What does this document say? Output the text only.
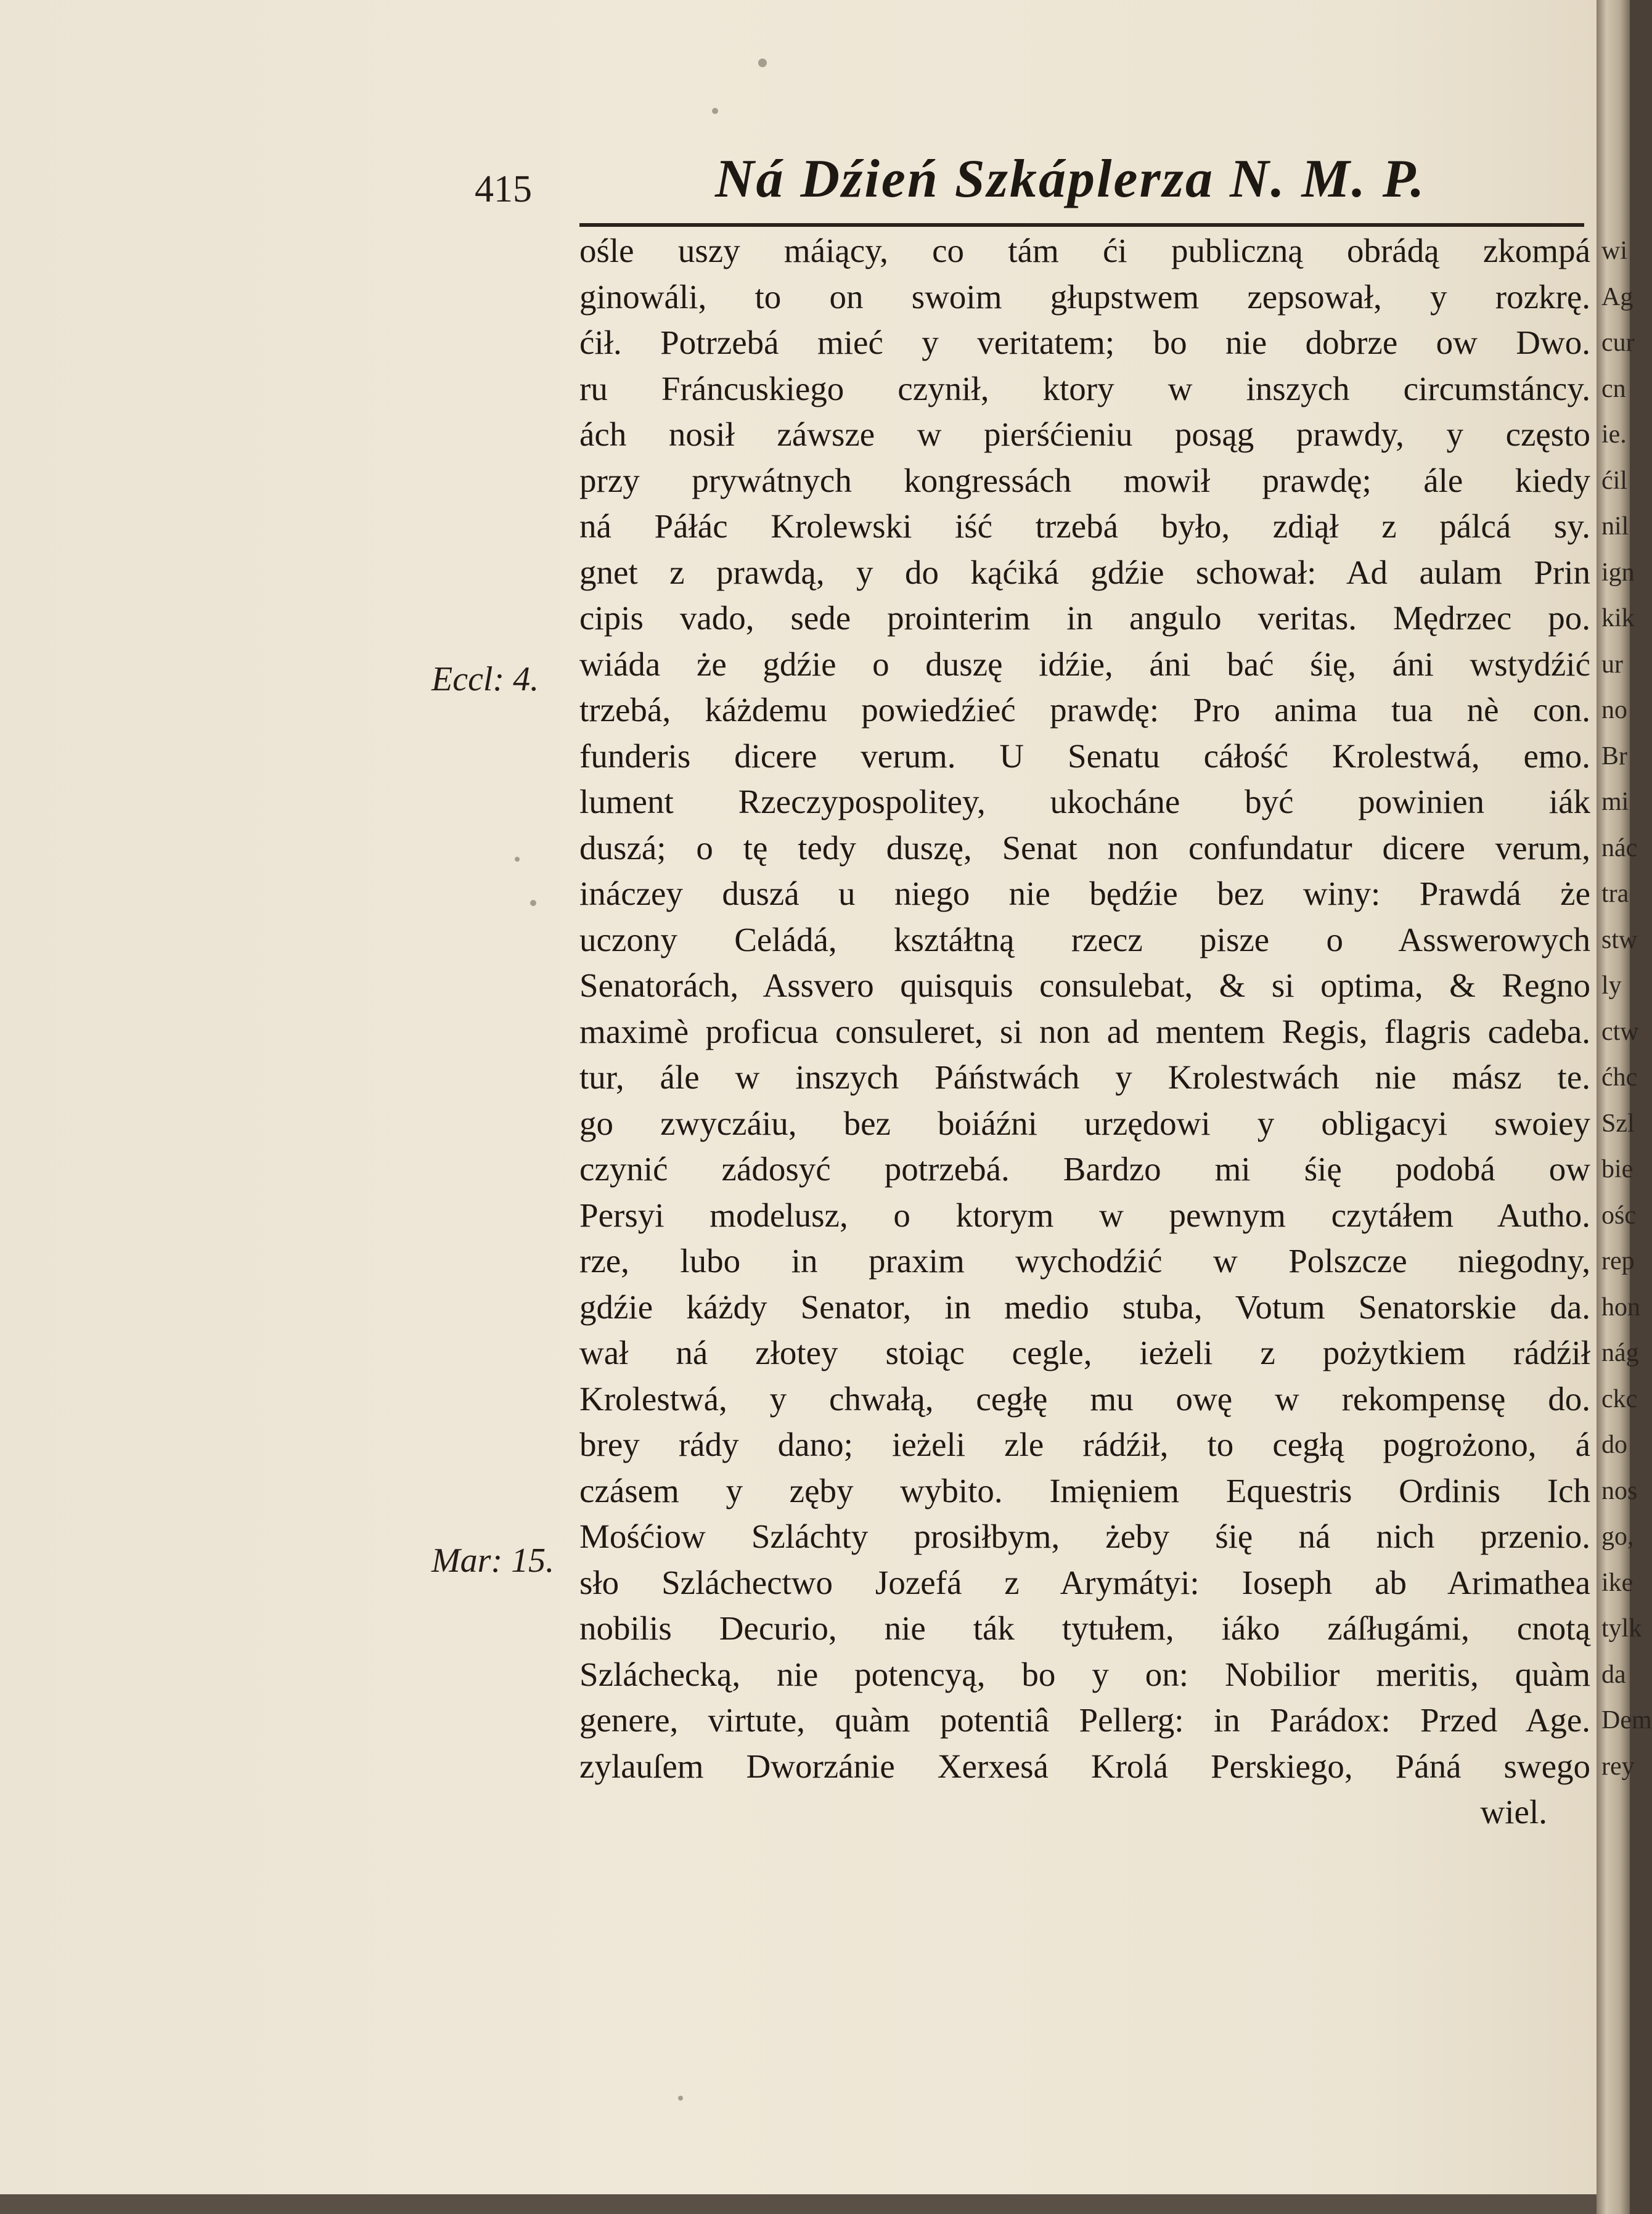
wi
Ag
cur
cn
ie.
ćil
nil
ign
kik
ur
no
Br
mi
nác
tra
stw
ly
ctw
ćhc
Szl
bie
ośc
rep
hon
nág
ckc
do
nos
go,
ike
tylk
da
Dem
rey
415	Ná Dźień Szkáplerza N. M. P.
Eccl: 4.
Mar: 15.
ośle uszy máiący, co tám ći publiczną obrádą zkompá
ginowáli, to on swoim głupstwem zepsował, y rozkrę.
ćił. Potrzebá mieć y veritatem; bo nie dobrze ow Dwo.
ru Fráncuskiego czynił, ktory w inszych circumstáncy.
ách nosił záwsze w pierśćieniu posąg prawdy, y często
przy prywátnych kongressách mowił prawdę; ále kiedy
ná Páłác Krolewski iść trzebá było, zdiął z pálcá sy.
gnet z prawdą, y do kąćiká gdźie schował: Ad aulam Prin
cipis vado, sede prointerim in angulo veritas. Mędrzec po.
wiáda że gdźie o duszę idźie, áni bać śię, áni wstydźić
trzebá, káżdemu powiedźieć prawdę: Pro anima tua nè con.
funderis dicere verum. U Senatu cáłość Krolestwá, emo.
lument Rzeczypospolitey, ukocháne być powinien iák
duszá; o tę tedy duszę, Senat non confundatur dicere verum,
ináczey duszá u niego nie będźie bez winy: Prawdá że
uczony Celádá, ksztáłtną rzecz pisze o Asswerowych
Senatorách, Assvero quisquis consulebat, & si optima, & Regno
maximè proficua consuleret, si non ad mentem Regis, flagris cadeba.
tur, ále w inszych Páństwách y Krolestwách nie mász te.
go zwyczáiu, bez boiáźni urzędowi y obligacyi swoiey
czynić zádosyć potrzebá. Bardzo mi śię podobá ow
Persyi modelusz, o ktorym w pewnym czytáłem Autho.
rze, lubo in praxim wychodźić w Polszcze niegodny,
gdźie káżdy Senator, in medio stuba, Votum Senatorskie da.
wał ná złotey stoiąc cegle, ieżeli z pożytkiem rádźił
Krolestwá, y chwałą, cegłę mu owę w rekompensę do.
brey rády dano; ieżeli zle rádźił, to cegłą pogrożono, á
czásem y zęby wybito. Imięniem Equestris Ordinis Ich
Mośćiow Szláchty prosiłbym, żeby śię ná nich przenio.
sło Szláchectwo Jozefá z Arymátyi: Ioseph ab Arimathea
nobilis Decurio, nie ták tytułem, iáko záſługámi, cnotą
Szláchecką, nie potencyą, bo y on: Nobilior meritis, quàm
genere, virtute, quàm potentiâ Pellerg: in Parádox: Przed Age.
zylauſem Dworzánie Xerxesá Krolá Perskiego, Páná swego
wiel.
